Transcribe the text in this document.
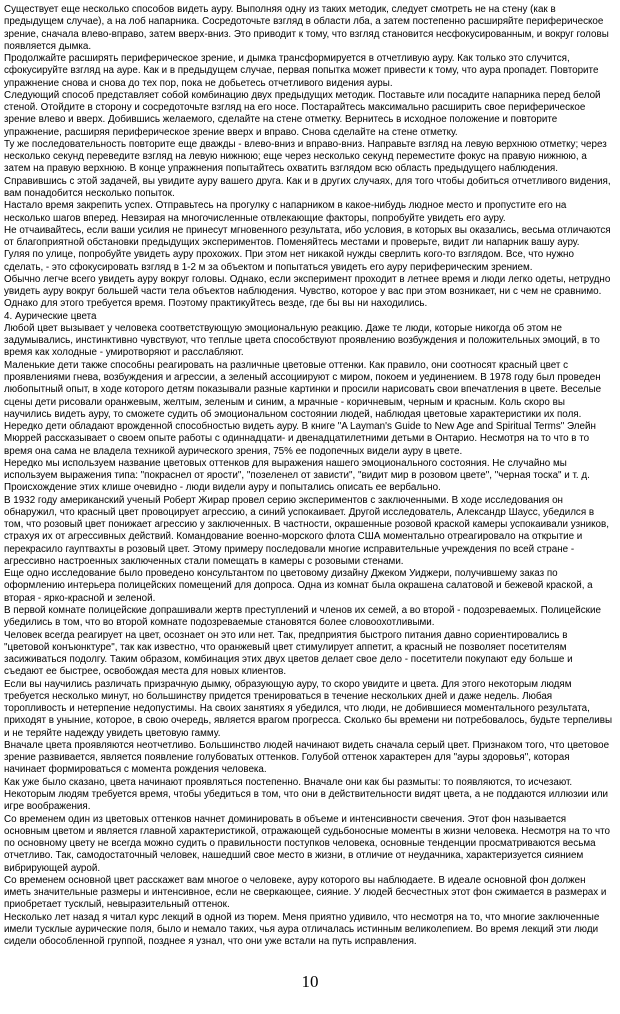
Существует еще несколько способов видеть ауру. Выполняя одну из таких методик, следует смотреть не на стену (как в предыдущем случае), а на лоб напарника. Сосредоточьте взгляд в области лба, а затем постепенно расширяйте периферическое зрение, сначала влево-вправо, затем вверх-вниз. Это приводит к тому, что взгляд становится несфокусированным, и вокруг головы появляется дымка.

Продолжайте расширять периферическое зрение, и дымка трансформируется в отчетливую ауру. Как только это случится, сфокусируйте взгляд на ауре. Как и в предыдущем случае, первая попытка может привести к тому, что аура пропадет. Повторите упражнение снова и снова до тех пор, пока не добьетесь отчетливого видения ауры.

Следующий способ представляет собой комбинацию двух предыдущих методик. Поставьте или посадите напарника перед белой стеной. Отойдите в сторону и сосредоточьте взгляд на его носе. Постарайтесь максимально расширить свое периферическое зрение влево и вверх. Добившись желаемого, сделайте на стене отметку. Вернитесь в исходное положение и повторите упражнение, расширяя периферическое зрение вверх и вправо. Снова сделайте на стене отметку.

Ту же последовательность повторите еще дважды - влево-вниз и вправо-вниз. Направьте взгляд на левую верхнюю отметку; через несколько секунд переведите взгляд на левую нижнюю; еще через несколько секунд переместите фокус на правую нижнюю, а затем на правую верхнюю. В конце упражнения попытайтесь охватить взглядом всю область предыдущего наблюдения. Справившись с этой задачей, вы увидите ауру вашего друга. Как и в других случаях, для того чтобы добиться отчетливого видения, вам понадобится несколько попыток.

Настало время закрепить успех. Отправьтесь на прогулку с напарником в какое-нибудь людное место и пропустите его на несколько шагов вперед. Невзирая на многочисленные отвлекающие факторы, попробуйте увидеть его ауру.

Не отчаивайтесь, если ваши усилия не принесут мгновенного результата, ибо условия, в которых вы оказались, весьма отличаются от благоприятной обстановки предыдущих экспериментов. Поменяйтесь местами и проверьте, видит ли напарник вашу ауру.

Гуляя по улице, попробуйте увидеть ауру прохожих. При этом нет никакой нужды сверлить кого-то взглядом. Все, что нужно сделать, - это сфокусировать взгляд в 1-2 м за объектом и попытаться увидеть его ауру периферическим зрением.

Обычно легче всего увидеть ауру вокруг головы. Однако, если эксперимент проходит в летнее время и люди легко одеты, нетрудно увидеть ауру вокруг большей части тела объектов наблюдения. Чувство, которое у вас при этом возникает, ни с чем не сравнимо. Однако для этого требуется время. Поэтому практикуйтесь везде, где бы вы ни находились.

4. Аурические цвета

Любой цвет вызывает у человека соответствующую эмоциональную реакцию. Даже те люди, которые никогда об этом не задумывались, инстинктивно чувствуют, что теплые цвета способствуют проявлению возбуждения и положительных эмоций, в то время как холодные - умиротворяют и расслабляют.

Маленькие дети также способны реагировать на различные цветовые оттенки. Как правило, они соотносят красный цвет с проявлениями гнева, возбуждения и агрессии, а зеленый ассоциируют с миром, покоем и уединением. В 1978 году был проведен любопытный опыт, в ходе которого детям показывали разные картинки и просили нарисовать свои впечатления в цвете. Веселые сцены дети рисовали оранжевым, желтым, зеленым и синим, а мрачные - коричневым, черным и красным. Коль скоро вы научились видеть ауру, то сможете судить об эмоциональном состоянии людей, наблюдая цветовые характеристики их поля.

Нередко дети обладают врожденной способностью видеть ауру. В книге "A Layman's Guide to New Age and Spiritual Terms" Элейн Мюррей рассказывает о своем опыте работы с одиннадцати- и двенадцатилетними детьми в Онтарио. Несмотря на то что в то время она сама не владела техникой аурического зрения, 75% ее подопечных видели ауру в цвете.

Нередко мы используем название цветовых оттенков для выражения нашего эмоционального состояния. Не случайно мы используем выражения типа: "покраснел от ярости", "позеленел от зависти", "видит мир в розовом цвете", "черная тоска" и т. д. Происхождение этих клише очевидно - люди видели ауру и попытались описать ее вербально.

В 1932 году американский ученый Роберт Жирар провел серию экспериментов с заключенными. В ходе исследования он обнаружил, что красный цвет провоцирует агрессию, а синий успокаивает. Другой исследователь, Александр Шаусс, убедился в том, что розовый цвет понижает агрессию у заключенных. В частности, окрашенные розовой краской камеры успокаивали узников, страхуя их от агрессивных действий. Командование военно-морского флота США моментально отреагировало на открытие и перекрасило гауптвахты в розовый цвет. Этому примеру последовали многие исправительные учреждения по всей стране - агрессивно настроенных заключенных стали помещать в камеры с розовыми стенами.

Еще одно исследование было проведено консультантом по цветовому дизайну Джеком Уиджери, получившему заказ по оформлению интерьера полицейских помещений для допроса. Одна из комнат была окрашена салатовой и бежевой краской, а вторая - ярко-красной и зеленой.

В первой комнате полицейские допрашивали жертв преступлений и членов их семей, а во второй - подозреваемых. Полицейские убедились в том, что во второй комнате подозреваемые становятся более словоохотливыми.

Человек всегда реагирует на цвет, осознает он это или нет. Так, предприятия быстрого питания давно сориентировались в "цветовой конъюнктуре", так как известно, что оранжевый цвет стимулирует аппетит, а красный не позволяет посетителям засиживаться подолгу. Таким образом, комбинация этих двух цветов делает свое дело - посетители покупают еду больше и съедают ее быстрее, освобождая места для новых клиентов.

Если вы научились различать призрачную дымку, образующую ауру, то скоро увидите и цвета. Для этого некоторым людям требуется несколько минут, но большинству придется тренироваться в течение нескольких дней и даже недель. Любая торопливость и нетерпение недопустимы. На своих занятиях я убедился, что люди, не добившиеся моментального результата, приходят в уныние, которое, в свою очередь, является врагом прогресса. Сколько бы времени ни потребовалось, будьте терпеливы и не теряйте надежду увидеть цветовую гамму.

Вначале цвета проявляются неотчетливо. Большинство людей начинают видеть сначала серый цвет. Признаком того, что цветовое зрение развивается, является появление голубоватых оттенков. Голубой оттенок характерен для "ауры здоровья", которая начинает формироваться с момента рождения человека.

Как уже было сказано, цвета начинают проявляться постепенно. Вначале они как бы размыты: то появляются, то исчезают. Некоторым людям требуется время, чтобы убедиться в том, что они в действительности видят цвета, а не поддаются иллюзии или игре воображения.

Со временем один из цветовых оттенков начнет доминировать в объеме и интенсивности свечения. Этот фон называется основным цветом и является главной характеристикой, отражающей судьбоносные моменты в жизни человека. Несмотря на то что по основному цвету не всегда можно судить о правильности поступков человека, основные тенденции просматриваются весьма отчетливо. Так, самодостаточный человек, нашедший свое место в жизни, в отличие от неудачника, характеризуется сиянием вибрирующей аурой.

Со временем основной цвет расскажет вам многое о человеке, ауру которого вы наблюдаете. В идеале основной фон должен иметь значительные размеры и интенсивное, если не сверкающее, сияние. У людей бесчестных этот фон сжимается в размерах и приобретает тусклый, невыразительный оттенок.

Несколько лет назад я читал курс лекций в одной из тюрем. Меня приятно удивило, что несмотря на то, что многие заключенные имели тусклые аурические поля, было и немало таких, чья аура отличалась истинным великолепием. Во время лекций эти люди сидели обособленной группой, позднее я узнал, что они уже встали на путь исправления.

10
